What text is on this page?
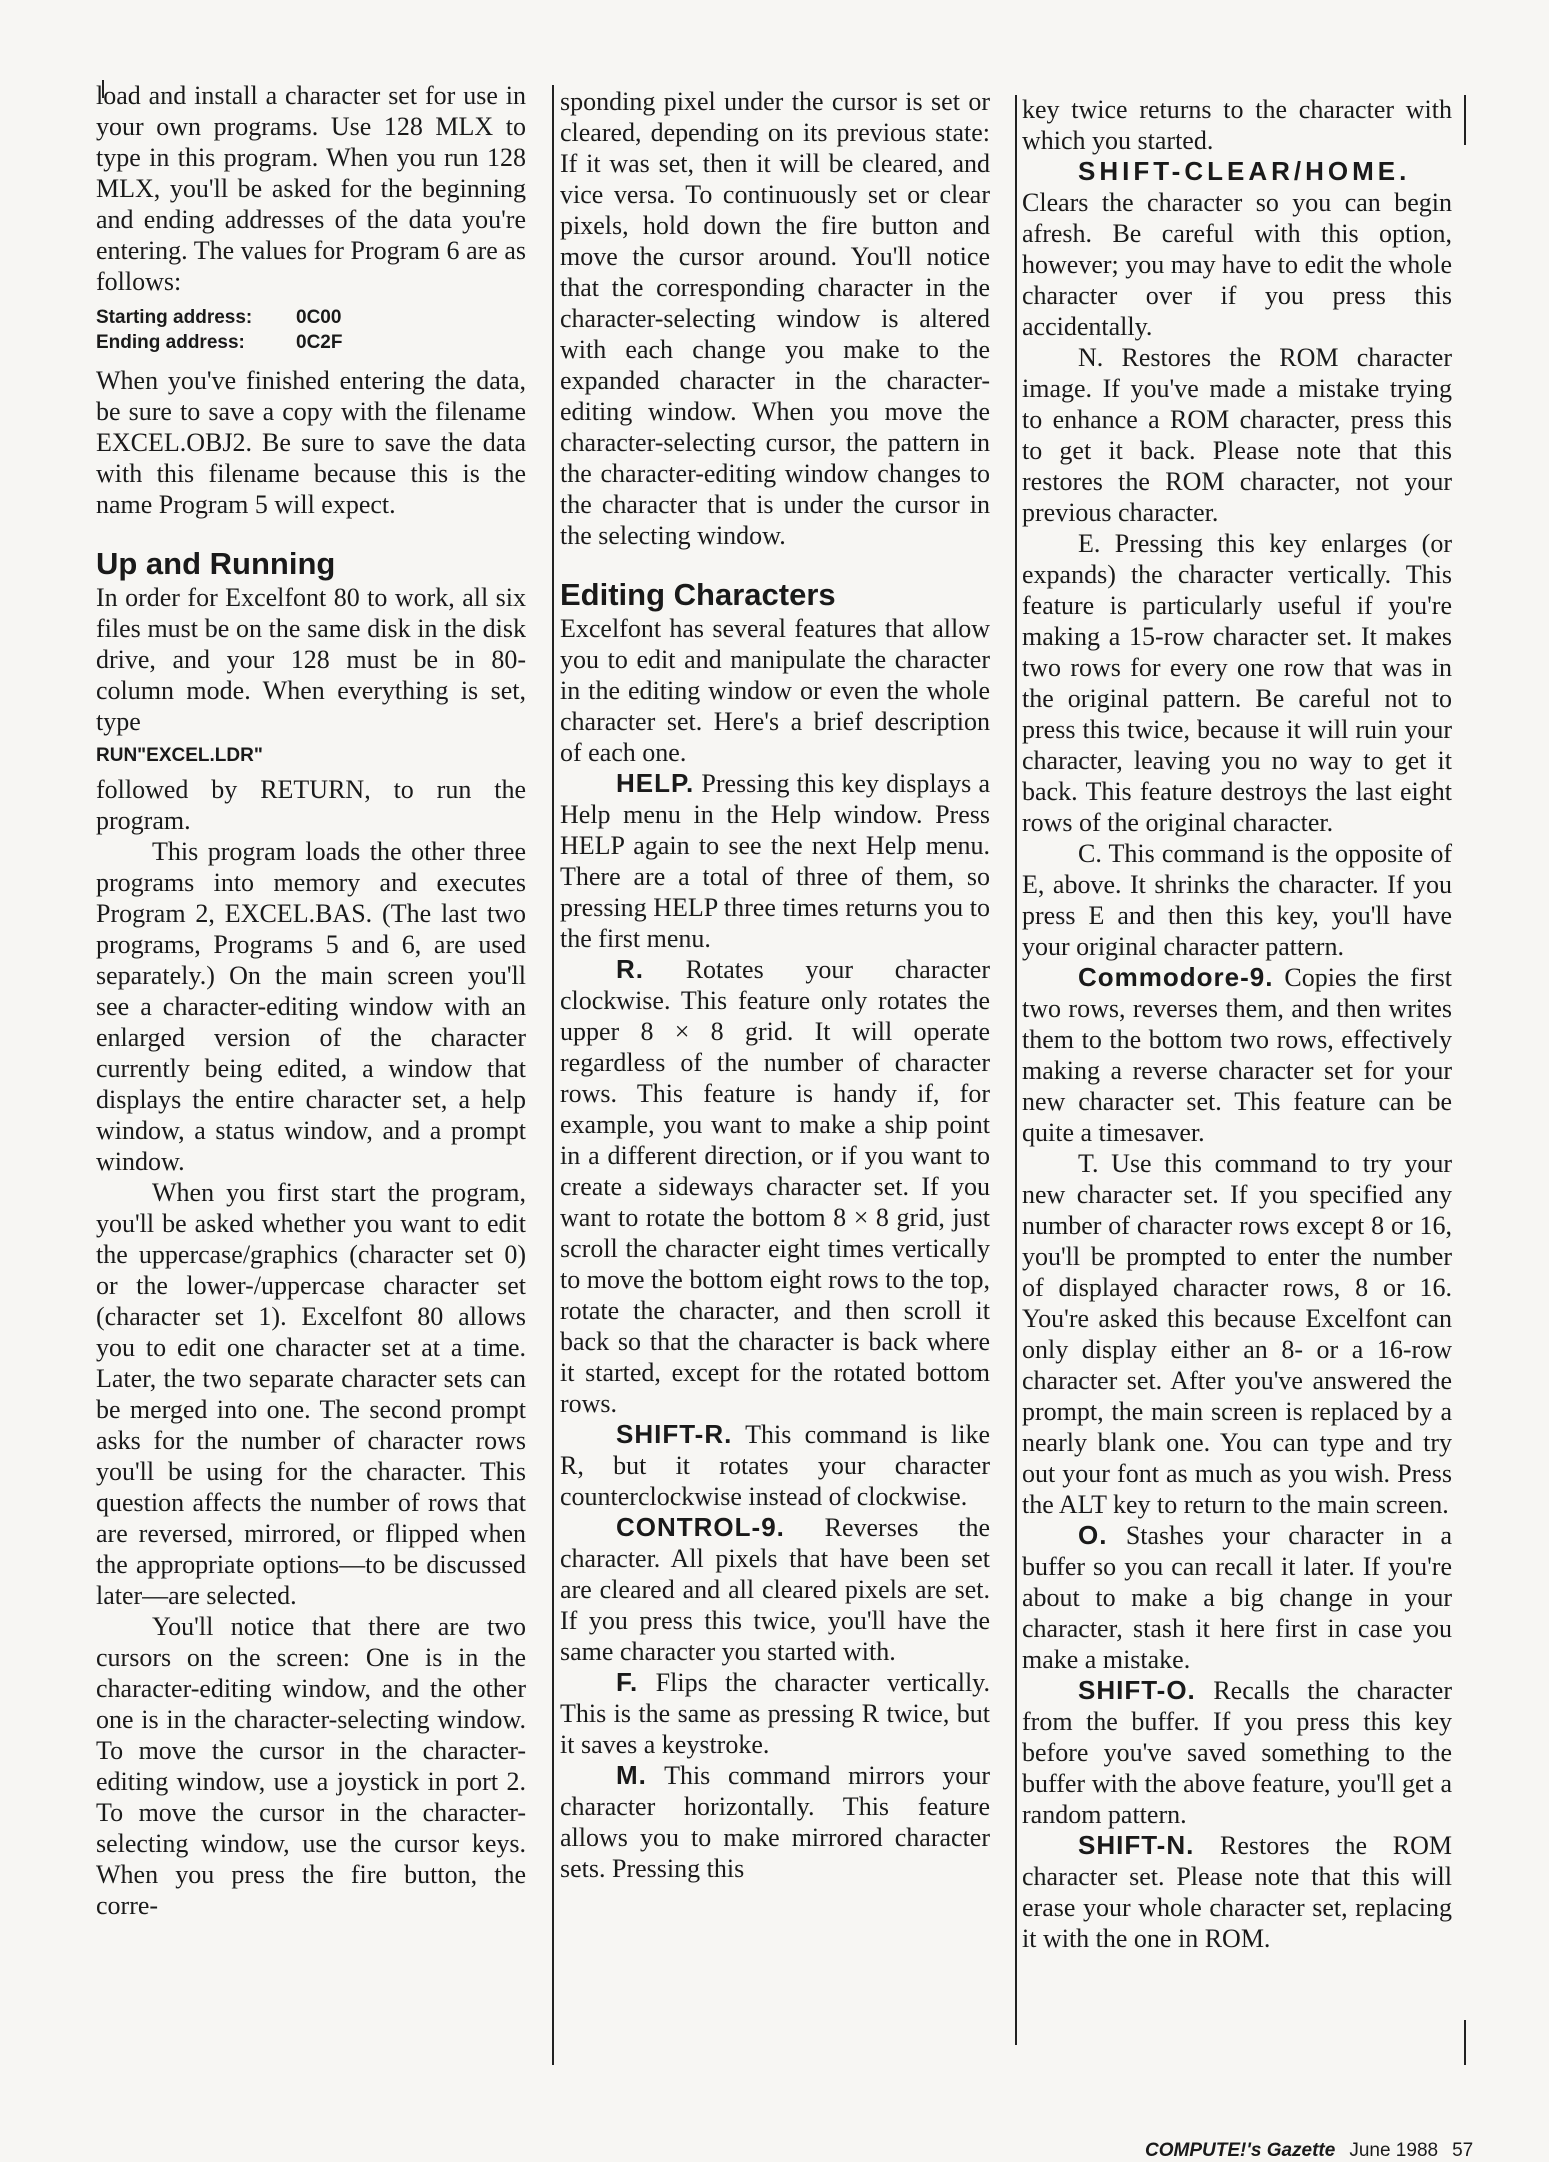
load and install a character set for use in your own programs. Use 128 MLX to type in this program. When you run 128 MLX, you'll be asked for the beginning and ending addresses of the data you're entering. The values for Program 6 are as follows:

Starting address: 0C00
Ending address:	0C2F

When you've finished entering the data, be sure to save a copy with the filename EXCEL.OBJ2. Be sure to save the data with this filename because this is the name Program 5 will expect.

Up and Running

In order for Excelfont 80 to work, all six files must be on the same disk in the disk drive, and your 128 must be in 80-column mode. When everything is set, type

RUN"EXCEL.LDR"

followed by RETURN, to run the program.

This program loads the other three programs into memory and executes Program 2, EXCEL.BAS. (The last two programs, Programs 5 and 6, are used separately.) On the main screen you'll see a character-editing window with an enlarged version of the character currently being edited, a window that displays the entire character set, a help window, a status window, and a prompt window.

When you first start the program, you'll be asked whether you want to edit the uppercase/graphics (character set 0) or the lower-/uppercase character set (character set 1). Excelfont 80 allows you to edit one character set at a time. Later, the two separate character sets can be merged into one. The second prompt asks for the number of character rows you'll be using for the character. This question affects the number of rows that are reversed, mirrored, or flipped when the appropriate options—to be discussed later—are selected.

You'll notice that there are two cursors on the screen: One is in the character-editing window, and the other one is in the character-selecting window. To move the cursor in the character-editing window, use a joystick in port 2. To move the cursor in the character-selecting window, use the cursor keys. When you press the fire button, the corre-

sponding pixel under the cursor is set or cleared, depending on its previous state: If it was set, then it will be cleared, and vice versa. To continuously set or clear pixels, hold down the fire button and move the cursor around. You'll notice that the corresponding character in the character-selecting window is altered with each change you make to the expanded character in the character-editing window. When you move the character-selecting cursor, the pattern in the character-editing window changes to the character that is under the cursor in the selecting window.

Editing Characters

Excelfont has several features that allow you to edit and manipulate the character in the editing window or even the whole character set. Here's a brief description of each one.

HELP. Pressing this key displays a Help menu in the Help window. Press HELP again to see the next Help menu. There are a total of three of them, so pressing HELP three times returns you to the first menu.

R. Rotates your character clockwise. This feature only rotates the upper 8 × 8 grid. It will operate regardless of the number of character rows. This feature is handy if, for example, you want to make a ship point in a different direction, or if you want to create a sideways character set. If you want to rotate the bottom 8 × 8 grid, just scroll the character eight times vertically to move the bottom eight rows to the top, rotate the character, and then scroll it back so that the character is back where it started, except for the rotated bottom rows.

SHIFT-R. This command is like R, but it rotates your character counterclockwise instead of clockwise.

CONTROL-9. Reverses the character. All pixels that have been set are cleared and all cleared pixels are set. If you press this twice, you'll have the same character you started with.

F. Flips the character vertically. This is the same as pressing R twice, but it saves a keystroke.

M. This command mirrors your character horizontally. This feature allows you to make mirrored character sets. Pressing this

key twice returns to the character with which you started.

SHIFT-CLEAR/HOME.

Clears the character so you can begin afresh. Be careful with this option, however; you may have to edit the whole character over if you press this accidentally.

N. Restores the ROM character image. If you've made a mistake trying to enhance a ROM character, press this to get it back. Please note that this restores the ROM character, not your previous character.

E. Pressing this key enlarges (or expands) the character vertically. This feature is particularly useful if you're making a 15-row character set. It makes two rows for every one row that was in the original pattern. Be careful not to press this twice, because it will ruin your character, leaving you no way to get it back. This feature destroys the last eight rows of the original character.

C. This command is the opposite of E, above. It shrinks the character. If you press E and then this key, you'll have your original character pattern.

Commodore-9. Copies the first two rows, reverses them, and then writes them to the bottom two rows, effectively making a reverse character set for your new character set. This feature can be quite a timesaver.

T. Use this command to try your new character set. If you specified any number of character rows except 8 or 16, you'll be prompted to enter the number of displayed character rows, 8 or 16. You're asked this because Excelfont can only display either an 8- or a 16-row character set. After you've answered the prompt, the main screen is replaced by a nearly blank one. You can type and try out your font as much as you wish. Press the ALT key to return to the main screen.

O. Stashes your character in a buffer so you can recall it later. If you're about to make a big change in your character, stash it here first in case you make a mistake.

SHIFT-O. Recalls the character from the buffer. If you press this key before you've saved something to the buffer with the above feature, you'll get a random pattern.

SHIFT-N. Restores the ROM character set. Please note that this will erase your whole character set, replacing it with the one in ROM.

COMPUTE!'s Gazette June 1988 57
